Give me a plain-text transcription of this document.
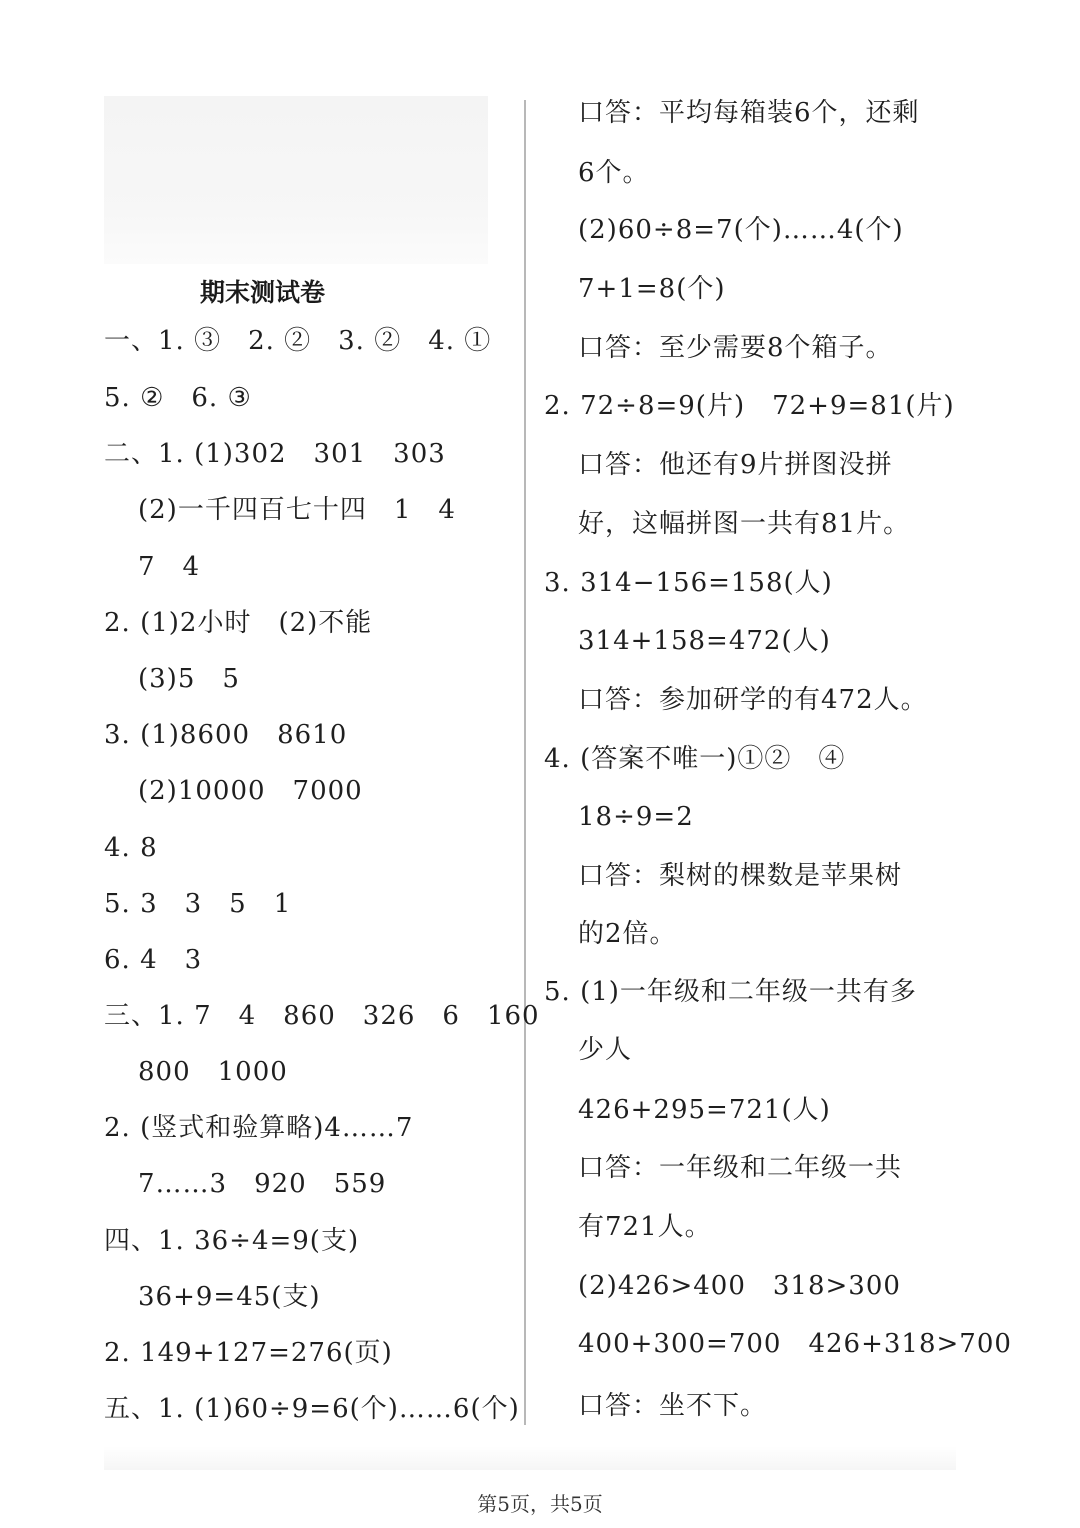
期末测试卷
一、1. ③　2. ②　3. ②　4. ①
5. ②　6. ③
二、1. (1)302　301　303
(2)一千四百七十四　1　4
7　4
2. (1)2小时　(2)不能
(3)5　5
3. (1)8600　8610
(2)10000　7000
4. 8
5. 3　3　5　1
6. 4　3
三、1. 7　4　860　326　6　160
800　1000
2. (竖式和验算略)4……7
7……3　920　559
四、1. 36÷4=9(支)
36+9=45(支)
2. 149+127=276(页)
五、1. (1)60÷9=6(个)……6(个)
口答：平均每箱装6个，还剩
6个。
(2)60÷8=7(个)……4(个)
7+1=8(个)
口答：至少需要8个箱子。
2. 72÷8=9(片)　72+9=81(片)
口答：他还有9片拼图没拼
好，这幅拼图一共有81片。
3. 314−156=158(人)
314+158=472(人)
口答：参加研学的有472人。
4. (答案不唯一)①②　④
18÷9=2
口答：梨树的棵数是苹果树
的2倍。
5. (1)一年级和二年级一共有多
少人
426+295=721(人)
口答：一年级和二年级一共
有721人。
(2)426>400　318>300
400+300=700　426+318>700
口答：坐不下。
第5页，共5页
